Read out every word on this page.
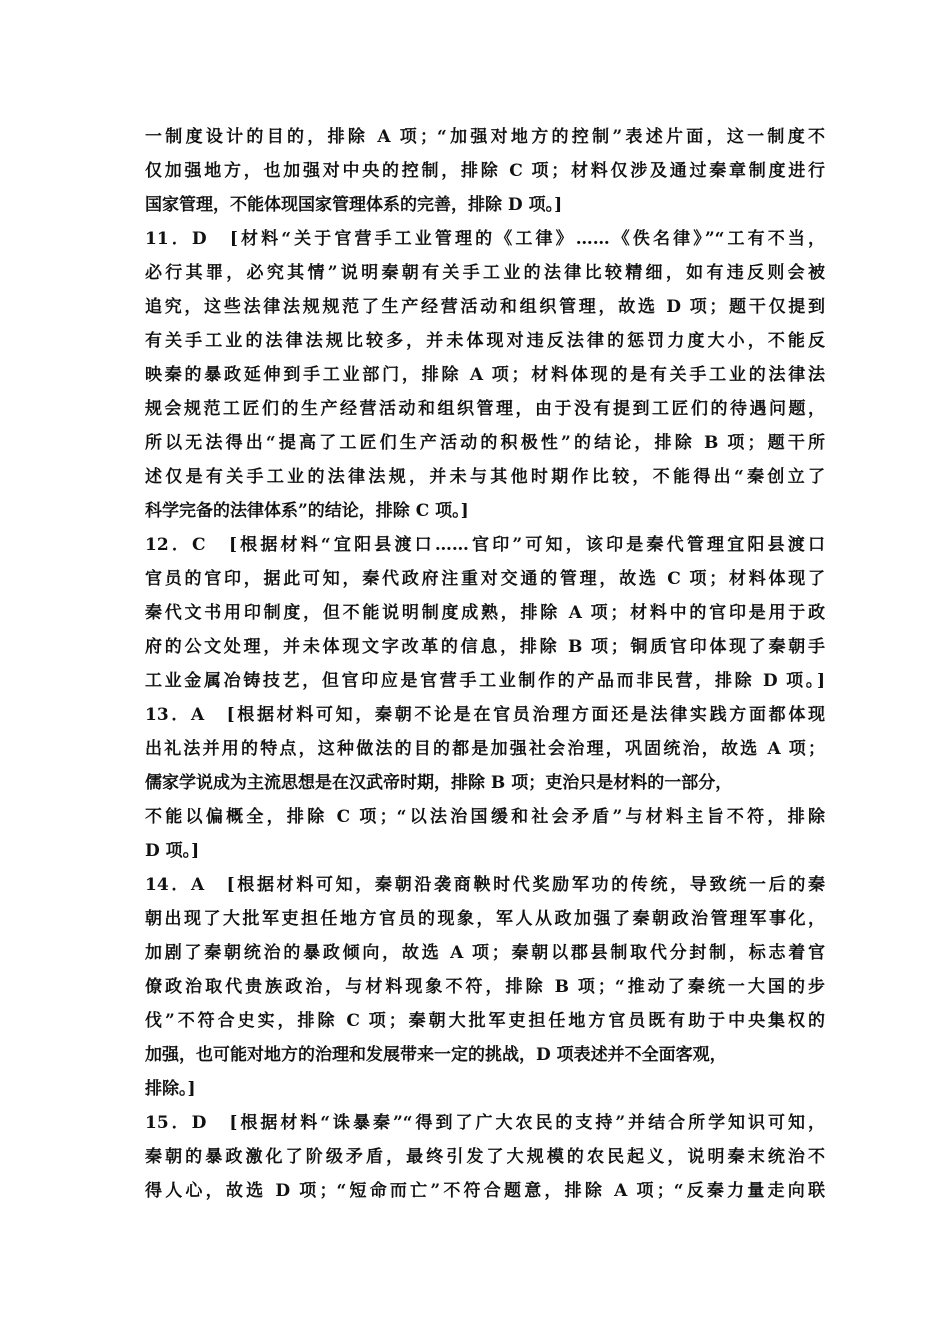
一制度设计的目的，排除 A 项；“加强对地方的控制”表述片面，这一制度不
仅加强地方，也加强对中央的控制，排除 C 项；材料仅涉及通过秦章制度进行
国家管理，不能体现国家管理体系的完善，排除 D 项。]
11．D　[材料“关于官营手工业管理的《工律》……《佚名律》”“工有不当，
必行其罪，必究其情”说明秦朝有关手工业的法律比较精细，如有违反则会被
追究，这些法律法规规范了生产经营活动和组织管理，故选 D 项；题干仅提到
有关手工业的法律法规比较多，并未体现对违反法律的惩罚力度大小，不能反
映秦的暴政延伸到手工业部门，排除 A 项；材料体现的是有关手工业的法律法
规会规范工匠们的生产经营活动和组织管理，由于没有提到工匠们的待遇问题，
所以无法得出“提高了工匠们生产活动的积极性”的结论，排除 B 项；题干所
述仅是有关手工业的法律法规，并未与其他时期作比较，不能得出“秦创立了
科学完备的法律体系”的结论，排除 C 项。]
12．C　[根据材料“宜阳县渡口……官印”可知，该印是秦代管理宜阳县渡口
官员的官印，据此可知，秦代政府注重对交通的管理，故选 C 项；材料体现了
秦代文书用印制度，但不能说明制度成熟，排除 A 项；材料中的官印是用于政
府的公文处理，并未体现文字改革的信息，排除 B 项；铜质官印体现了秦朝手
工业金属冶铸技艺，但官印应是官营手工业制作的产品而非民营，排除 D 项。]
13．A　[根据材料可知，秦朝不论是在官员治理方面还是法律实践方面都体现
出礼法并用的特点，这种做法的目的都是加强社会治理，巩固统治，故选 A 项；
儒家学说成为主流思想是在汉武帝时期，排除 B 项；吏治只是材料的一部分，
不能以偏概全，排除 C 项；“以法治国缓和社会矛盾”与材料主旨不符，排除
D 项。]
14．A　[根据材料可知，秦朝沿袭商鞅时代奖励军功的传统，导致统一后的秦
朝出现了大批军吏担任地方官员的现象，军人从政加强了秦朝政治管理军事化，
加剧了秦朝统治的暴政倾向，故选 A 项；秦朝以郡县制取代分封制，标志着官
僚政治取代贵族政治，与材料现象不符，排除 B 项；“推动了秦统一大国的步
伐”不符合史实，排除 C 项；秦朝大批军吏担任地方官员既有助于中央集权的
加强，也可能对地方的治理和发展带来一定的挑战，D 项表述并不全面客观，
排除。]
15．D　[根据材料“诛暴秦”“得到了广大农民的支持”并结合所学知识可知，
秦朝的暴政激化了阶级矛盾，最终引发了大规模的农民起义，说明秦末统治不
得人心，故选 D 项；“短命而亡”不符合题意，排除 A 项；“反秦力量走向联
